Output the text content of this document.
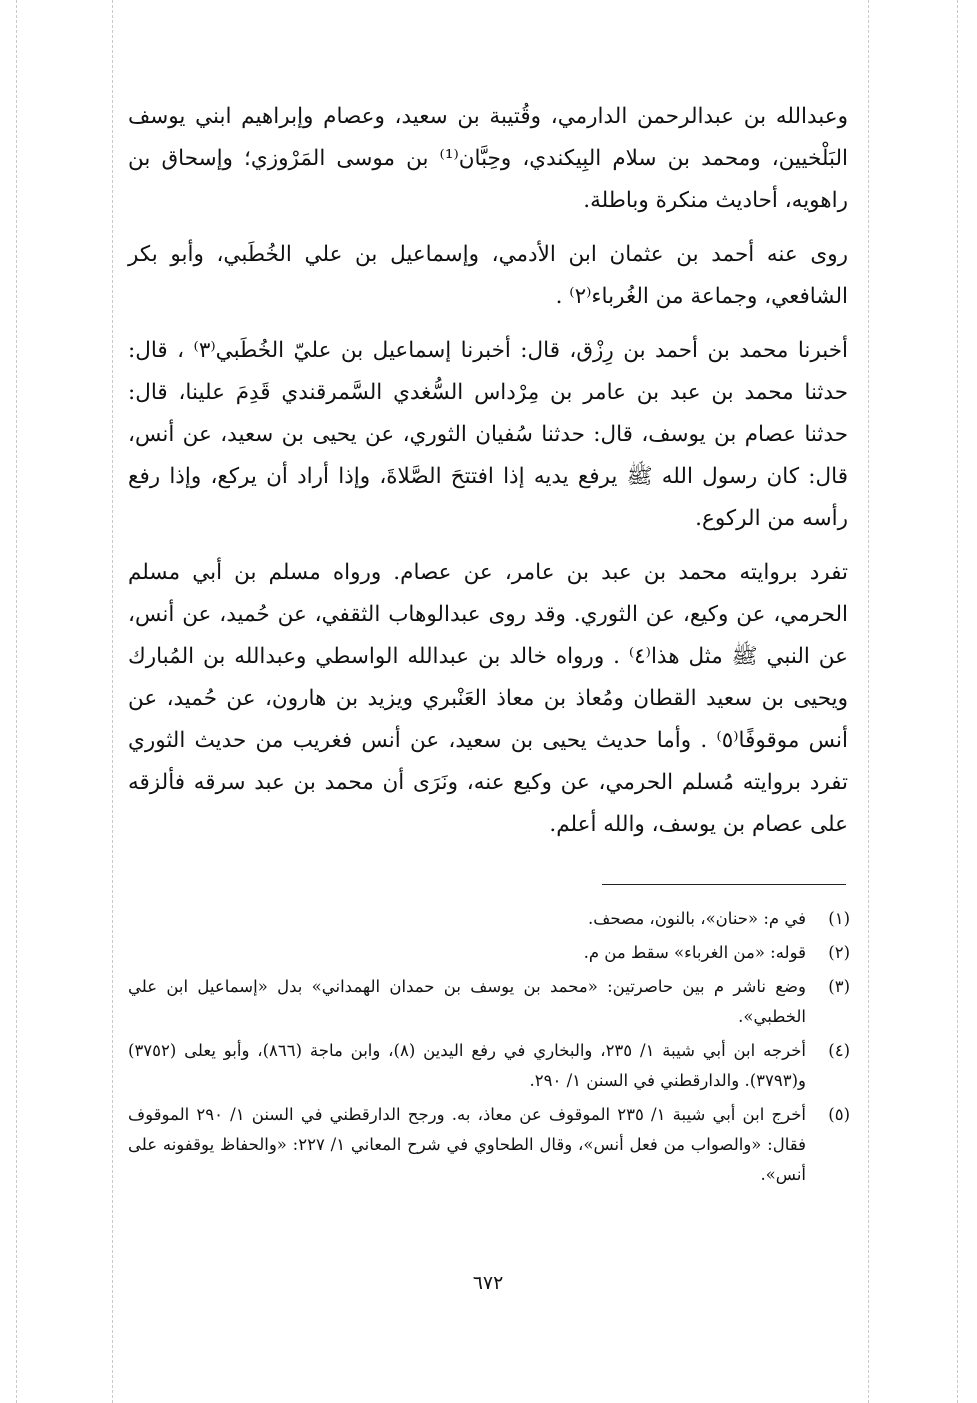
وعبدالله بن عبدالرحمن الدارمي، وقُتيبة بن سعيد، وعصام وإبراهيم ابني يوسف البَلْخيين، ومحمد بن سلام البِيكندي، وحِبَّان⁽¹⁾ بن موسى المَرْوزي؛ وإسحاق بن راهويه، أحاديث منكرة وباطلة.

روى عنه أحمد بن عثمان ابن الأدمي، وإسماعيل بن علي الخُطَبي، وأبو بكر الشافعي، وجماعة من الغُرباء⁽٢⁾ .

أخبرنا محمد بن أحمد بن رِزْق، قال: أخبرنا إسماعيل بن عليّ الخُطَبي⁽٣⁾ ، قال: حدثنا محمد بن عبد بن عامر بن مِرْداس السُّغدي السَّمرقندي قَدِمَ علينا، قال: حدثنا عصام بن يوسف، قال: حدثنا سُفيان الثوري، عن يحيى بن سعيد، عن أنس، قال: كان رسول الله ﷺ يرفع يديه إذا افتتحَ الصَّلاةَ، وإذا أراد أن يركع، وإذا رفع رأسه من الركوع.

تفرد بروايته محمد بن عبد بن عامر، عن عصام. ورواه مسلم بن أبي مسلم الحرمي، عن وكيع، عن الثوري. وقد روى عبدالوهاب الثقفي، عن حُميد، عن أنس، عن النبي ﷺ مثل هذا⁽٤⁾ . ورواه خالد بن عبدالله الواسطي وعبدالله بن المُبارك ويحيى بن سعيد القطان ومُعاذ بن معاذ العَنْبري ويزيد بن هارون، عن حُميد، عن أنس موقوفًا⁽٥⁾ . وأما حديث يحيى بن سعيد، عن أنس فغريب من حديث الثوري تفرد بروايته مُسلم الحرمي، عن وكيع عنه، ونَرَى أن محمد بن عبد سرقه فألزقه على عصام بن يوسف، والله أعلم.

(١)
في م: «حنان»، بالنون، مصحف.
(٢)
قوله: «من الغرباء» سقط من م.
(٣)
وضع ناشر م بين حاصرتين: «محمد بن يوسف بن حمدان الهمداني» بدل «إسماعيل ابن علي الخطبي».
(٤)
أخرجه ابن أبي شيبة ١/ ٢٣٥، والبخاري في رفع اليدين (٨)، وابن ماجة (٨٦٦)، وأبو يعلى (٣٧٥٢) و(٣٧٩٣). والدارقطني في السنن ١/ ٢٩٠.
(٥)
أخرج ابن أبي شيبة ١/ ٢٣٥ الموقوف عن معاذ، به. ورجح الدارقطني في السنن ١/ ٢٩٠ الموقوف فقال: «والصواب من فعل أنس»، وقال الطحاوي في شرح المعاني ١/ ٢٢٧: «والحفاظ يوقفونه على أنس».
٦٧٢
